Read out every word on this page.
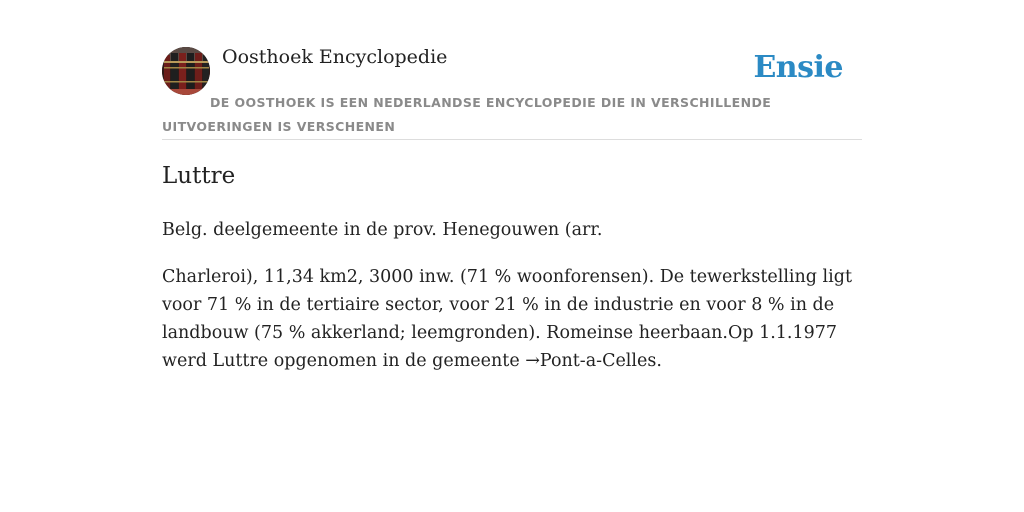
Oosthoek Encyclopedie	Ensie
DE OOSTHOEK IS EEN NEDERLANDSE ENCYCLOPEDIE DIE IN VERSCHILLENDE UITVOERINGEN IS VERSCHENEN
Luttre

Belg. deelgemeente in de prov. Henegouwen (arr.

Charleroi), 11,34 km2, 3000 inw. (71 % woonforensen). De tewerkstelling ligt voor 71 % in de tertiaire sector, voor 21 % in de industrie en voor 8 % in de landbouw (75 % akkerland; leemgronden). Romeinse heerbaan.Op 1.1.1977 werd Luttre opgenomen in de gemeente →Pont-a-Celles.
